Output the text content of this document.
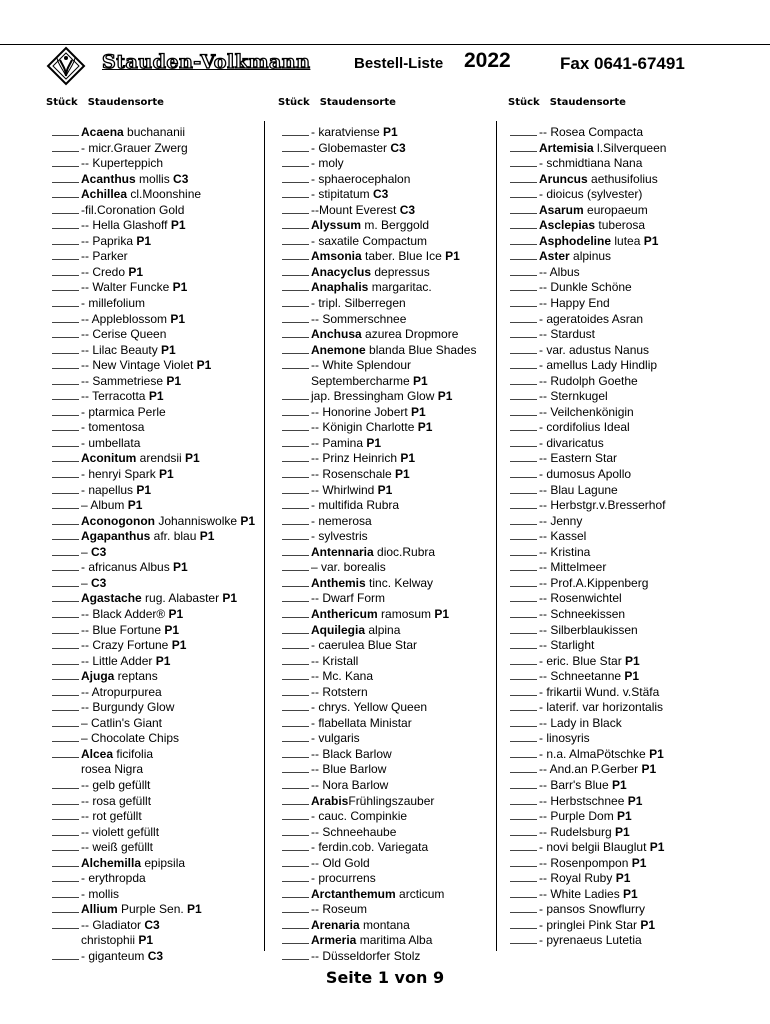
Stauden-Volkmann	Bestell-Liste 2022	Fax 0641-67491
Stück Staudensorte	Stück Staudensorte	Stück Staudensorte
Acaena buchananii
- micr.Grauer Zwerg
-- Kuperteppich
Acanthus mollis C3
Achillea cl.Moonshine
-fil.Coronation Gold
-- Hella Glashoff P1
-- Paprika P1
-- Parker
-- Credo P1
-- Walter Funcke P1
- millefolium
-- Appleblossom P1
-- Cerise Queen
-- Lilac Beauty P1
-- New Vintage Violet P1
-- Sammetriese P1
-- Terracotta P1
- ptarmica Perle
- tomentosa
- umbellata
Aconitum arendsii P1
- henryi Spark P1
- napellus P1
– Album P1
Aconogonon Johanniswolke P1
Agapanthus afr. blau P1
– C3
- africanus Albus P1
– C3
Agastache rug. Alabaster P1
-- Black Adder® P1
-- Blue Fortune P1
-- Crazy Fortune P1
-- Little Adder P1
Ajuga reptans
-- Atropurpurea
-- Burgundy Glow
– Catlin's Giant
– Chocolate Chips
Alcea ficifolia
rosea Nigra
-- gelb gefüllt
-- rosa gefüllt
-- rot gefüllt
-- violett gefüllt
-- weiß gefüllt
Alchemilla epipsila
- erythropda
- mollis
Allium Purple Sen. P1
-- Gladiator C3
christophii P1
- giganteum C3
- karatviense P1
- Globemaster C3
- moly
- sphaerocephalon
- stipitatum C3
--Mount Everest C3
Alyssum m. Berggold
- saxatile Compactum
Amsonia taber. Blue Ice P1
Anacyclus depressus
Anaphalis margaritac.
- tripl. Silberregen
-- Sommerschnee
Anchusa azurea Dropmore
Anemone blanda Blue Shades
-- White Splendour
Septembercharme P1
jap. Bressingham Glow P1
-- Honorine Jobert P1
-- Königin Charlotte P1
-- Pamina P1
-- Prinz Heinrich P1
-- Rosenschale P1
-- Whirlwind P1
- multifida Rubra
- nemerosa
- sylvestris
Antennaria dioc.Rubra
– var. borealis
Anthemis tinc. Kelway
-- Dwarf Form
Anthericum ramosum P1
Aquilegia alpina
- caerulea Blue Star
-- Kristall
-- Mc. Kana
-- Rotstern
- chrys. Yellow Queen
- flabellata Ministar
- vulgaris
-- Black Barlow
-- Blue Barlow
-- Nora Barlow
ArabisFrühlingszauber
- cauc. Compinkie
-- Schneehaube
- ferdin.cob. Variegata
-- Old Gold
- procurrens
Arctanthemum arcticum
-- Roseum
Arenaria montana
Armeria maritima Alba
-- Düsseldorfer Stolz
-- Rosea Compacta
Artemisia l.Silverqueen
- schmidtiana Nana
Aruncus aethusifolius
- dioicus (sylvester)
Asarum europaeum
Asclepias tuberosa
Asphodeline lutea P1
Aster alpinus
-- Albus
-- Dunkle Schöne
-- Happy End
- ageratoides Asran
-- Stardust
- var. adustus Nanus
- amellus Lady Hindlip
-- Rudolph Goethe
-- Sternkugel
-- Veilchenkönigin
- cordifolius Ideal
- divaricatus
-- Eastern Star
- dumosus Apollo
-- Blau Lagune
-- Herbstgr.v.Bresserhof
-- Jenny
-- Kassel
-- Kristina
-- Mittelmeer
-- Prof.A.Kippenberg
-- Rosenwichtel
-- Schneekissen
-- Silberblaukissen
-- Starlight
- eric. Blue Star P1
-- Schneetanne P1
- frikartii Wund. v.Stäfa
- laterif. var horizontalis
-- Lady in Black
- linosyris
- n.a. AlmaPötschke P1
-- And.an P.Gerber P1
-- Barr's Blue P1
-- Herbstschnee P1
-- Purple Dom P1
-- Rudelsburg P1
- novi belgii Blauglut P1
-- Rosenpompon P1
-- Royal Ruby P1
-- White Ladies P1
- pansos Snowflurry
- pringlei Pink Star P1
- pyrenaeus Lutetia
Seite 1 von 9
